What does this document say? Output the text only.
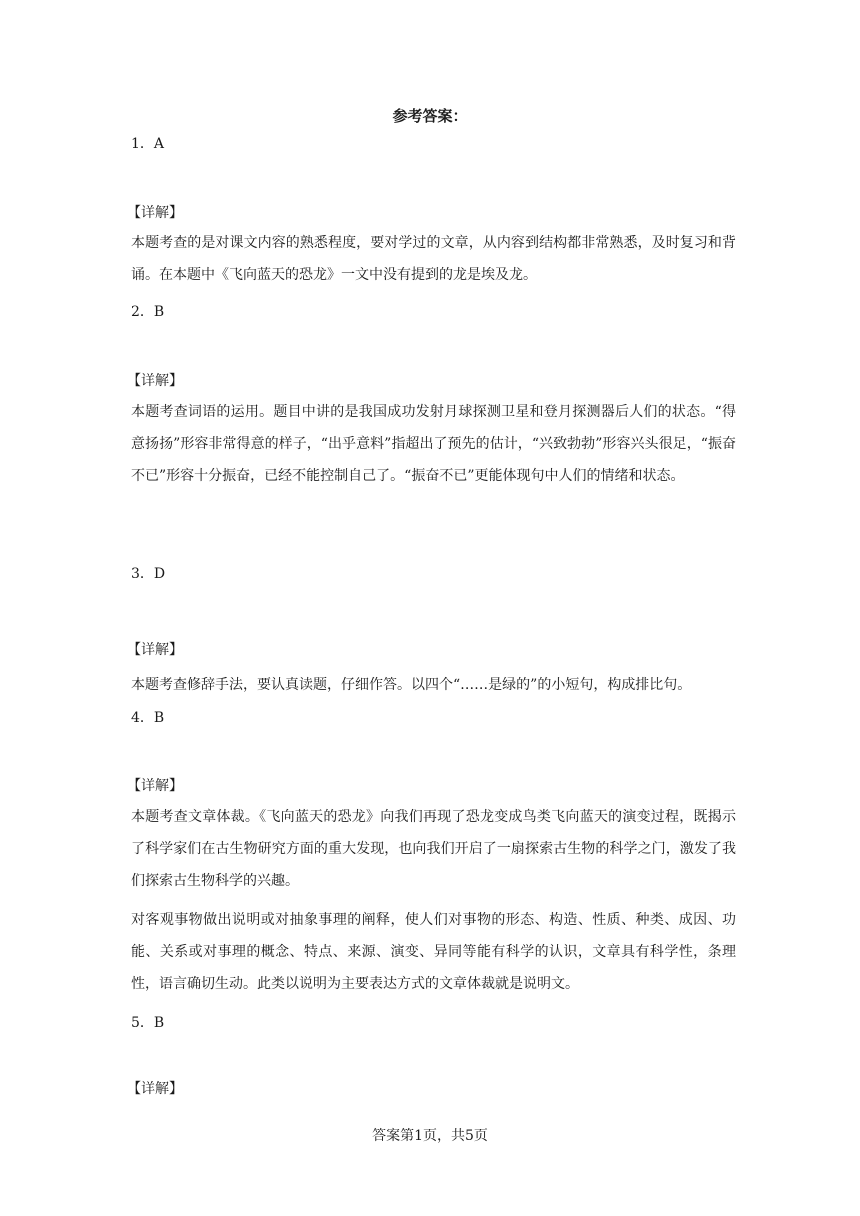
参考答案：
1．A
【详解】
本题考查的是对课文内容的熟悉程度，要对学过的文章，从内容到结构都非常熟悉，及时复习和背诵。在本题中《飞向蓝天的恐龙》一文中没有提到的龙是埃及龙。
2．B
【详解】
本题考查词语的运用。题目中讲的是我国成功发射月球探测卫星和登月探测器后人们的状态。“得意扬扬”形容非常得意的样子，“出乎意料”指超出了预先的估计，“兴致勃勃”形容兴头很足，“振奋不已”形容十分振奋，已经不能控制自己了。“振奋不已”更能体现句中人们的情绪和状态。
3．D
【详解】
本题考查修辞手法，要认真读题，仔细作答。以四个“……是绿的”的小短句，构成排比句。
4．B
【详解】
本题考查文章体裁。《飞向蓝天的恐龙》向我们再现了恐龙变成鸟类飞向蓝天的演变过程，既揭示了科学家们在古生物研究方面的重大发现，也向我们开启了一扇探索古生物的科学之门，激发了我们探索古生物科学的兴趣。
对客观事物做出说明或对抽象事理的阐释，使人们对事物的形态、构造、性质、种类、成因、功能、关系或对事理的概念、特点、来源、演变、异同等能有科学的认识，文章具有科学性，条理性，语言确切生动。此类以说明为主要表达方式的文章体裁就是说明文。
5．B
【详解】
答案第1页，共5页
